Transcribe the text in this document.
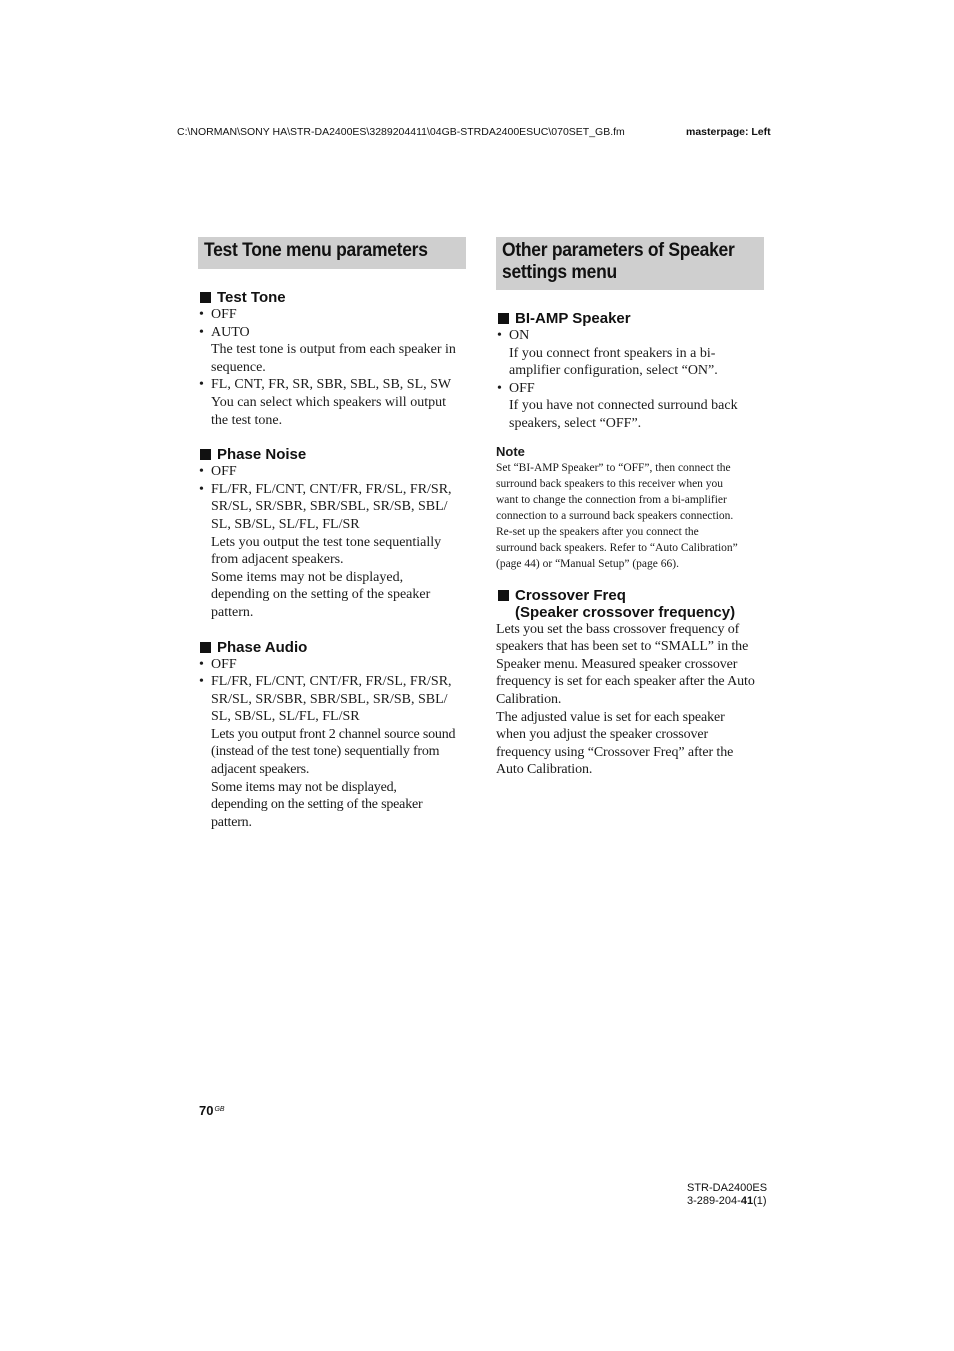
C:\NORMAN\SONY HA\STR-DA2400ES\3289204411\04GB-STRDA2400ESUC\070SET_GB.fm	masterpage: Left
Test Tone menu parameters
Test Tone
• OFF
• AUTO
The test tone is output from each speaker in
sequence.
• FL, CNT, FR, SR, SBR, SBL, SB, SL, SW
You can select which speakers will output
the test tone.
Phase Noise
• OFF
• FL/FR, FL/CNT, CNT/FR, FR/SL, FR/SR,
SR/SL, SR/SBR, SBR/SBL, SR/SB, SBL/
SL, SB/SL, SL/FL, FL/SR
Lets you output the test tone sequentially
from adjacent speakers.
Some items may not be displayed,
depending on the setting of the speaker
pattern.
Phase Audio
• OFF
• FL/FR, FL/CNT, CNT/FR, FR/SL, FR/SR,
SR/SL, SR/SBR, SBR/SBL, SR/SB, SBL/
SL, SB/SL, SL/FL, FL/SR
Lets you output front 2 channel source sound
(instead of the test tone) sequentially from
adjacent speakers.
Some items may not be displayed,
depending on the setting of the speaker
pattern.
Other parameters of Speaker
settings menu
BI-AMP Speaker
• ON
If you connect front speakers in a bi-
amplifier configuration, select “ON”.
• OFF
If you have not connected surround back
speakers, select “OFF”.
Note
Set “BI-AMP Speaker” to “OFF”, then connect the
surround back speakers to this receiver when you
want to change the connection from a bi-amplifier
connection to a surround back speakers connection.
Re-set up the speakers after you connect the
surround back speakers. Refer to “Auto Calibration”
(page 44) or “Manual Setup” (page 66).
Crossover Freq
(Speaker crossover frequency)
Lets you set the bass crossover frequency of
speakers that has been set to “SMALL” in the
Speaker menu. Measured speaker crossover
frequency is set for each speaker after the Auto
Calibration.
The adjusted value is set for each speaker
when you adjust the speaker crossover
frequency using “Crossover Freq” after the
Auto Calibration.
$70^{GB}$
STR-DA2400ES
3-289-204-41(1)
